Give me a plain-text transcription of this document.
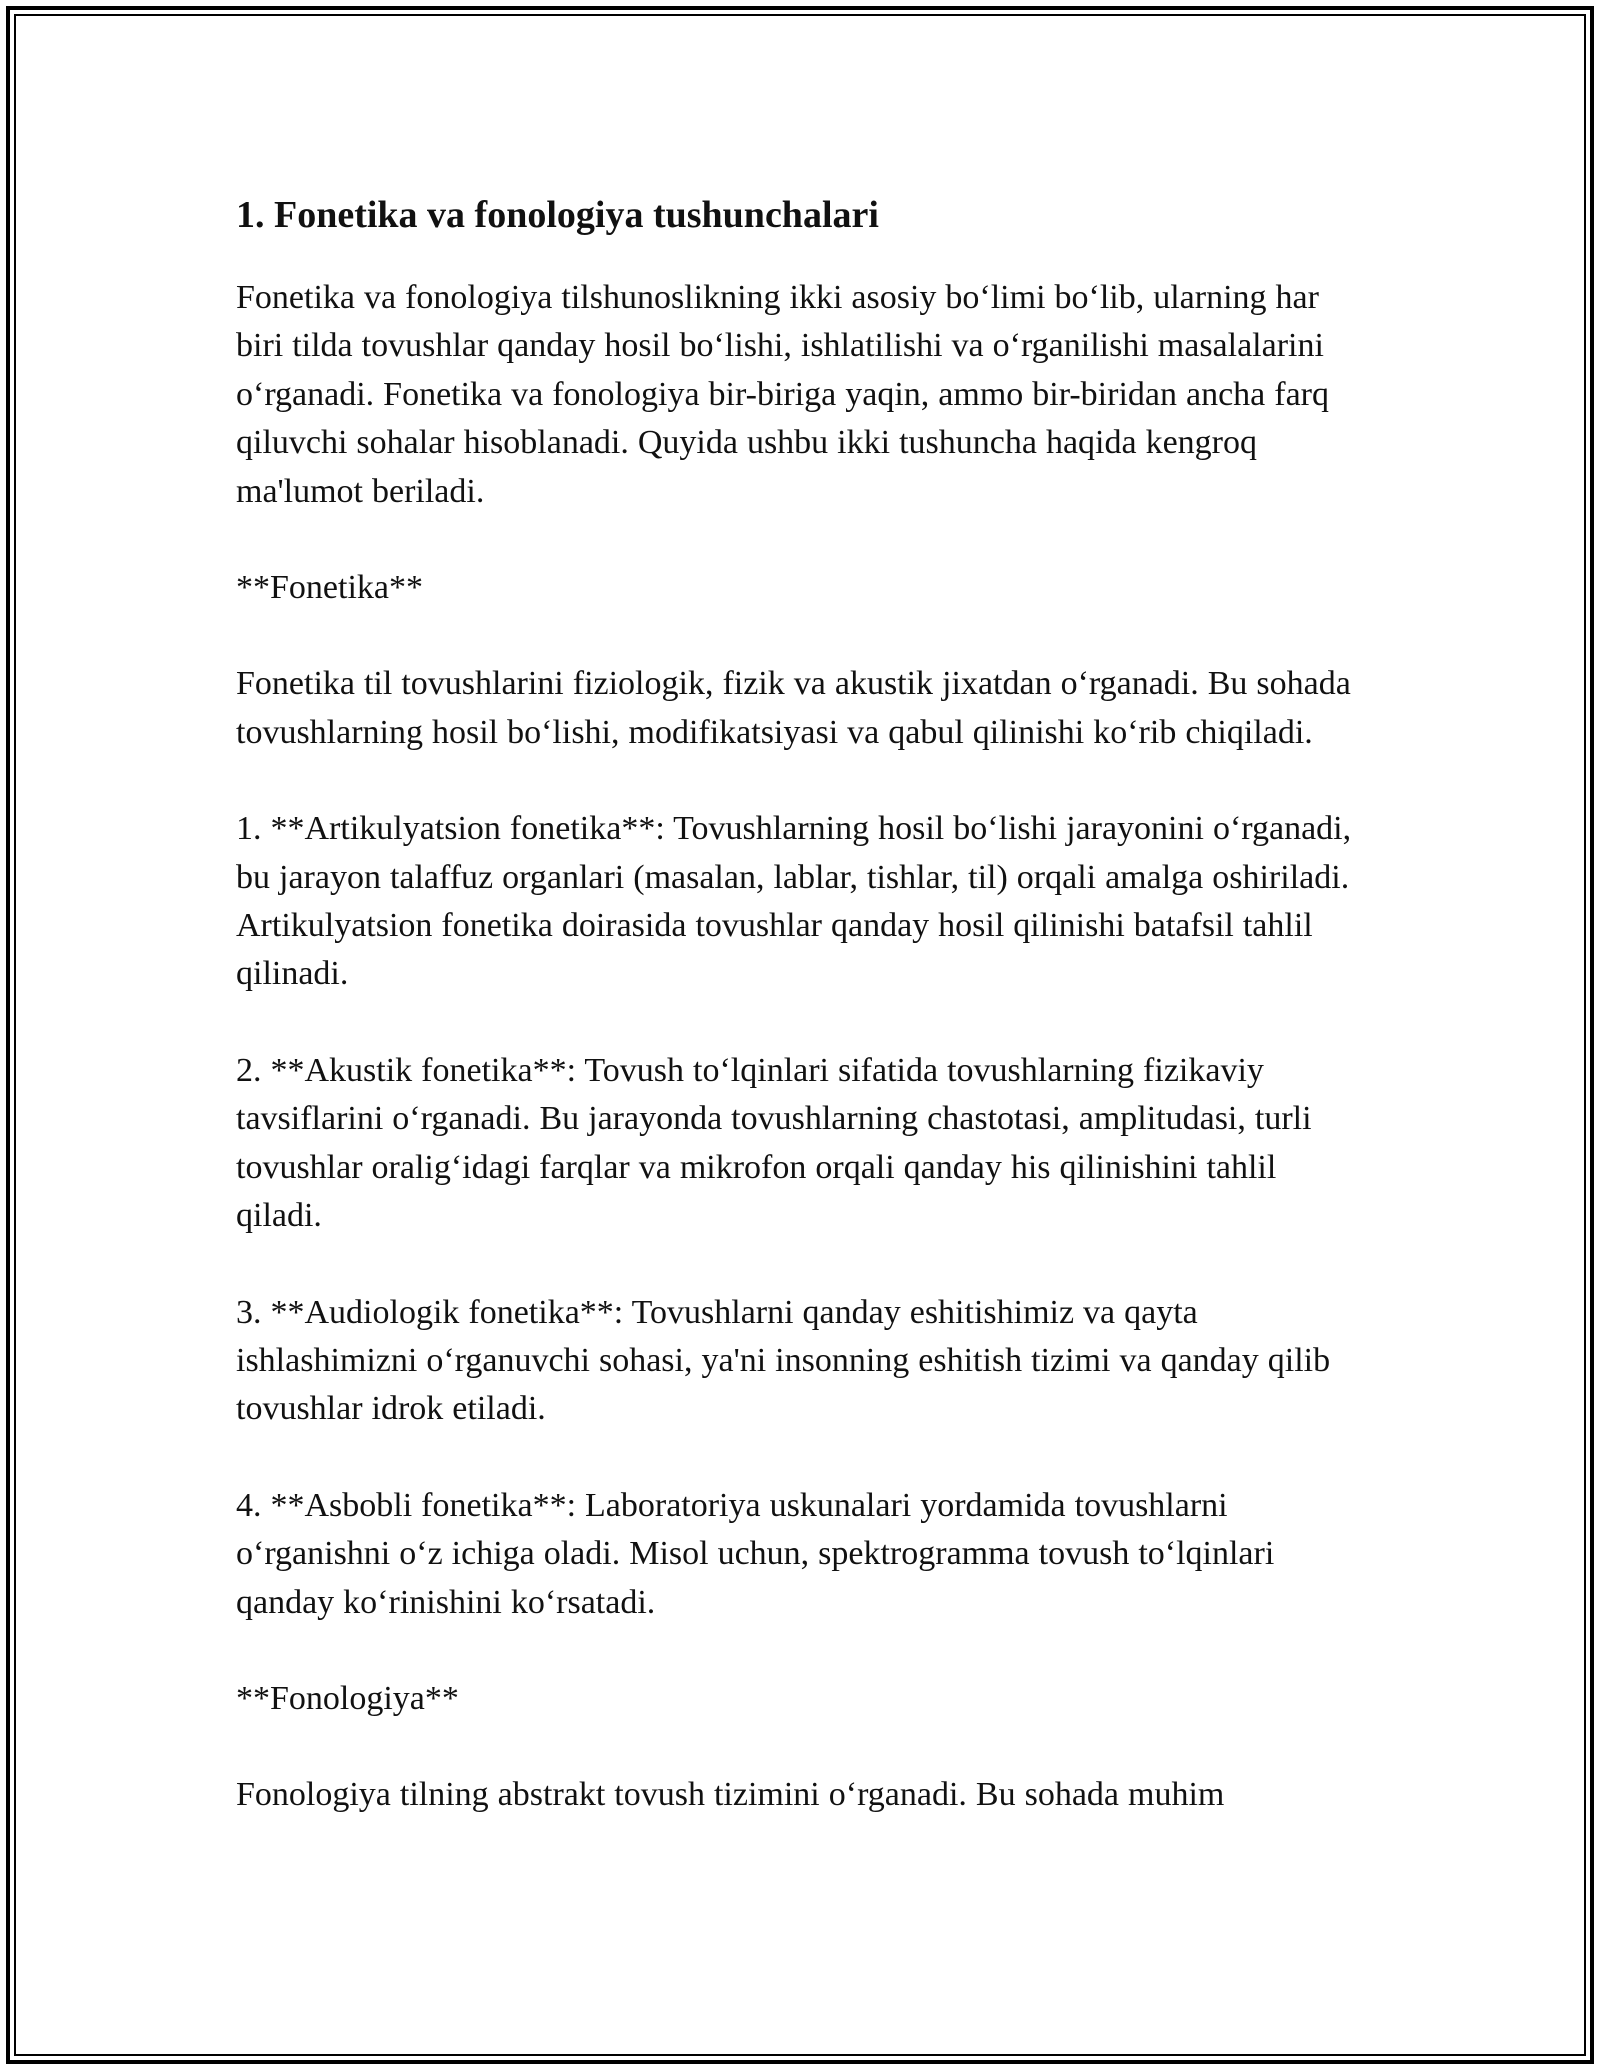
1. Fonetika va fonologiya tushunchalari

Fonetika va fonologiya tilshunoslikning ikki asosiy bo‘limi bo‘lib, ularning har biri tilda tovushlar qanday hosil bo‘lishi, ishlatilishi va o‘rganilishi masalalarini o‘rganadi. Fonetika va fonologiya bir-biriga yaqin, ammo bir-biridan ancha farq qiluvchi sohalar hisoblanadi. Quyida ushbu ikki tushuncha haqida kengroq ma'lumot beriladi.

**Fonetika**

Fonetika til tovushlarini fiziologik, fizik va akustik jixatdan o‘rganadi. Bu sohada tovushlarning hosil bo‘lishi, modifikatsiyasi va qabul qilinishi ko‘rib chiqiladi.

1. **Artikulyatsion fonetika**: Tovushlarning hosil bo‘lishi jarayonini o‘rganadi, bu jarayon talaffuz organlari (masalan, lablar, tishlar, til) orqali amalga oshiriladi. Artikulyatsion fonetika doirasida tovushlar qanday hosil qilinishi batafsil tahlil qilinadi.

2. **Akustik fonetika**: Tovush to‘lqinlari sifatida tovushlarning fizikaviy tavsiflarini o‘rganadi. Bu jarayonda tovushlarning chastotasi, amplitudasi, turli tovushlar oralig‘idagi farqlar va mikrofon orqali qanday his qilinishini tahlil qiladi.

3. **Audiologik fonetika**: Tovushlarni qanday eshitishimiz va qayta ishlashimizni o‘rganuvchi sohasi, ya'ni insonning eshitish tizimi va qanday qilib tovushlar idrok etiladi.

4. **Asbobli fonetika**: Laboratoriya uskunalari yordamida tovushlarni o‘rganishni o‘z ichiga oladi. Misol uchun, spektrogramma tovush to‘lqinlari qanday ko‘rinishini ko‘rsatadi.

**Fonologiya**

Fonologiya tilning abstrakt tovush tizimini o‘rganadi. Bu sohada muhim
